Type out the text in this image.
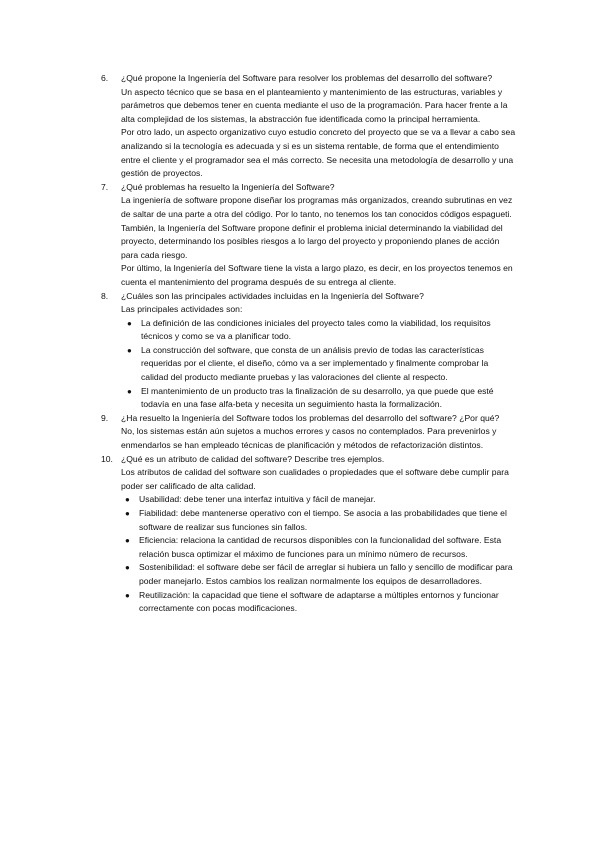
6.	¿Qué propone la Ingeniería del Software para resolver los problemas del desarrollo del software?
Un aspecto técnico que se basa en el planteamiento y mantenimiento de las estructuras, variables y parámetros que debemos tener en cuenta mediante el uso de la programación. Para hacer frente a la alta complejidad de los sistemas, la abstracción fue identificada como la principal herramienta.
Por otro lado, un aspecto organizativo cuyo estudio concreto del proyecto que se va a llevar a cabo sea analizando si la tecnología es adecuada y si es un sistema rentable, de forma que el entendimiento entre el cliente y el programador sea el más correcto. Se necesita una metodología de desarrollo y una gestión de proyectos.
7.	¿Qué problemas ha resuelto la Ingeniería del Software?
La ingeniería de software propone diseñar los programas más organizados, creando subrutinas en vez de saltar de una parte a otra del código. Por lo tanto, no tenemos los tan conocidos códigos espagueti.
También, la Ingeniería del Software propone definir el problema inicial determinando la viabilidad del proyecto, determinando los posibles riesgos a lo largo del proyecto y proponiendo planes de acción para cada riesgo.
Por último, la Ingeniería del Software tiene la vista a largo plazo, es decir, en los proyectos tenemos en cuenta el mantenimiento del programa después de su entrega al cliente.
8.	¿Cuáles son las principales actividades incluidas en la Ingeniería del Software?
Las principales actividades son:
● La definición de las condiciones iniciales del proyecto tales como la viabilidad, los requisitos técnicos y como se va a planificar todo.
● La construcción del software, que consta de un análisis previo de todas las características requeridas por el cliente, el diseño, cómo va a ser implementado y finalmente comprobar la calidad del producto mediante pruebas y las valoraciones del cliente al respecto.
● El mantenimiento de un producto tras la finalización de su desarrollo, ya que puede que esté todavía en una fase alfa-beta y necesita un seguimiento hasta la formalización.
9.	¿Ha resuelto la Ingeniería del Software todos los problemas del desarrollo del software? ¿Por qué?
No, los sistemas están aún sujetos a muchos errores y casos no contemplados. Para prevenirlos y enmendarlos se han empleado técnicas de planificación y métodos de refactorización distintos.
10. ¿Qué es un atributo de calidad del software? Describe tres ejemplos.
Los atributos de calidad del software son cualidades o propiedades que el software debe cumplir para poder ser calificado de alta calidad.
● Usabilidad: debe tener una interfaz intuitiva y fácil de manejar.
● Fiabilidad: debe mantenerse operativo con el tiempo. Se asocia a las probabilidades que tiene el software de realizar sus funciones sin fallos.
● Eficiencia: relaciona la cantidad de recursos disponibles con la funcionalidad del software. Esta relación busca optimizar el máximo de funciones para un mínimo número de recursos.
● Sostenibilidad: el software debe ser fácil de arreglar si hubiera un fallo y sencillo de modificar para poder manejarlo. Estos cambios los realizan normalmente los equipos de desarrolladores.
● Reutilización: la capacidad que tiene el software de adaptarse a múltiples entornos y funcionar correctamente con pocas modificaciones.
